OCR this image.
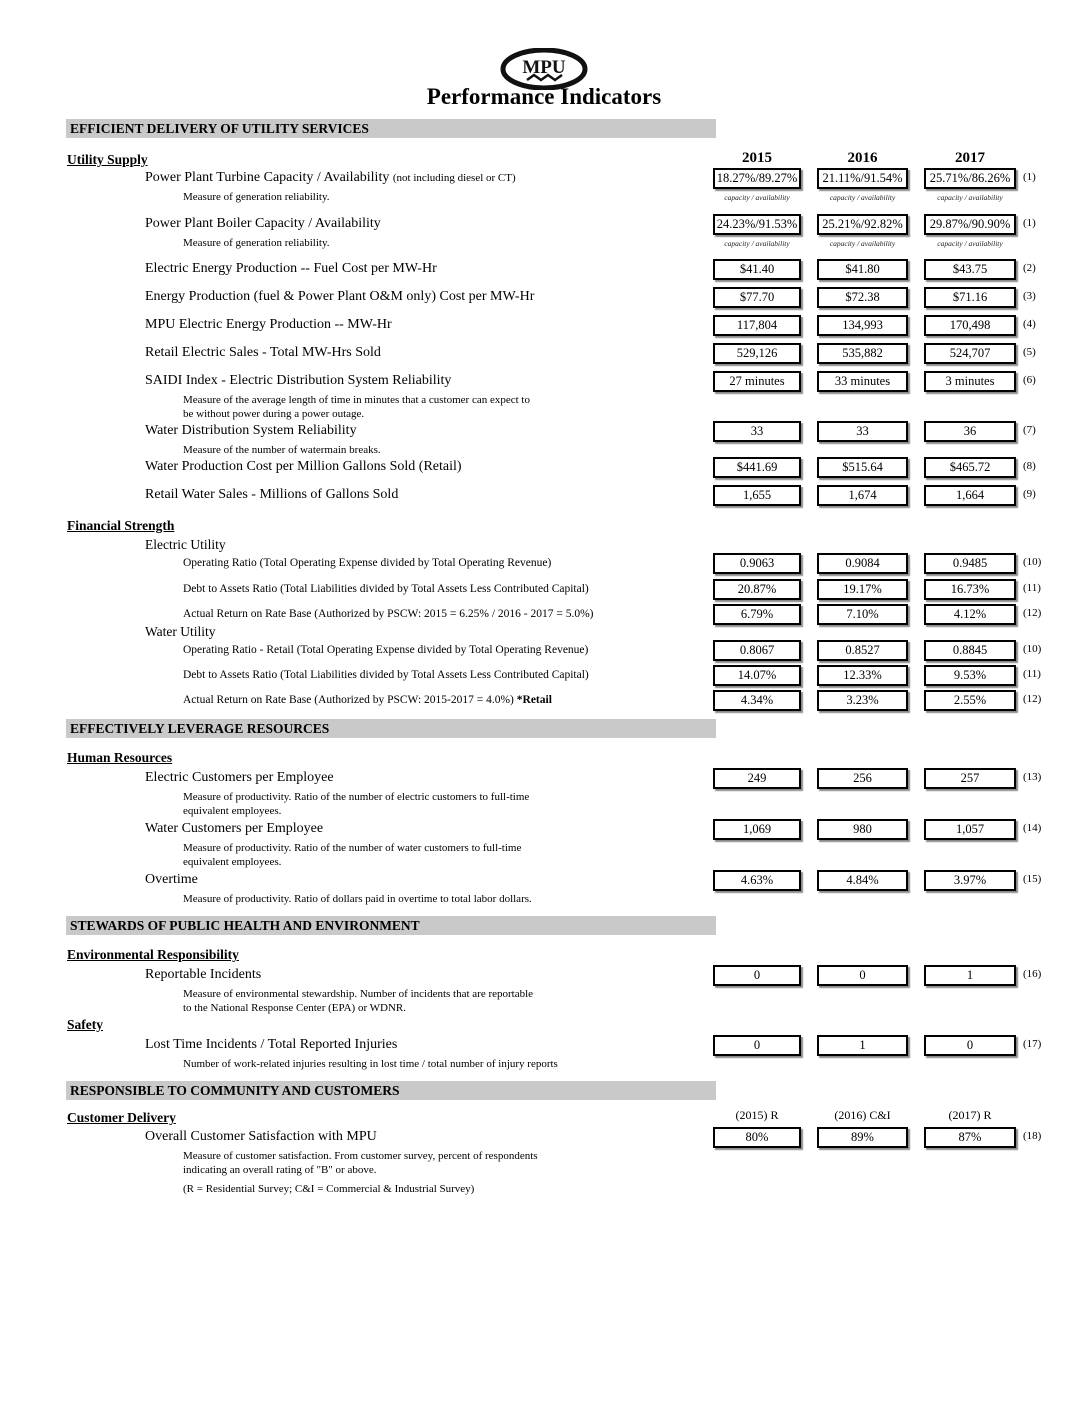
MPU
Performance Indicators
EFFICIENT DELIVERY OF UTILITY SERVICES
Utility Supply	2015	2016	2017
Power Plant Turbine Capacity / Availability (not including diesel or CT)
Measure of generation reliability.
18.27%/89.27%	21.11%/91.54%	25.71%/86.26%
capacity / availability	capacity / availability	capacity / availability
(1)
Power Plant Boiler Capacity / Availability
Measure of generation reliability.
24.23%/91.53%	25.21%/92.82%	29.87%/90.90%
capacity / availability	capacity / availability	capacity / availability
(1)
Electric Energy Production -- Fuel Cost per MW-Hr	$41.40	$41.80	$43.75	(2)
Energy Production (fuel & Power Plant O&M only) Cost per MW-Hr	$77.70	$72.38	$71.16	(3)
MPU Electric Energy Production -- MW-Hr	117,804	134,993	170,498	(4)
Retail Electric Sales - Total MW-Hrs Sold	529,126	535,882	524,707	(5)
SAIDI Index - Electric Distribution System Reliability
Measure of the average length of time in minutes that a customer can expect to
be without power during a power outage.
27 minutes	33 minutes	3 minutes	(6)
Water Distribution System Reliability
Measure of the number of watermain breaks.
33	33	36	(7)
Water Production Cost per Million Gallons Sold (Retail)	$441.69	$515.64	$465.72	(8)
Retail Water Sales - Millions of Gallons Sold	1,655	1,674	1,664	(9)
Financial Strength
Electric Utility
Operating Ratio (Total Operating Expense divided by Total Operating Revenue)	0.9063	0.9084	0.9485	(10)
Debt to Assets Ratio (Total Liabilities divided by Total Assets Less Contributed Capital)	20.87%	19.17%	16.73%	(11)
Actual Return on Rate Base (Authorized by PSCW: 2015 = 6.25% / 2016 - 2017 = 5.0%)	6.79%	7.10%	4.12%	(12)
Water Utility
Operating Ratio - Retail (Total Operating Expense divided by Total Operating Revenue)	0.8067	0.8527	0.8845	(10)
Debt to Assets Ratio (Total Liabilities divided by Total Assets Less Contributed Capital)	14.07%	12.33%	9.53%	(11)
Actual Return on Rate Base (Authorized by PSCW: 2015-2017 = 4.0%) *Retail	4.34%	3.23%	2.55%	(12)
EFFECTIVELY LEVERAGE RESOURCES
Human Resources
Electric Customers per Employee
Measure of productivity. Ratio of the number of electric customers to full-time
equivalent employees.
249	256	257	(13)
Water Customers per Employee
Measure of productivity. Ratio of the number of water customers to full-time
equivalent employees.
1,069	980	1,057	(14)
Overtime
Measure of productivity. Ratio of dollars paid in overtime to total labor dollars.
4.63%	4.84%	3.97%	(15)
STEWARDS OF PUBLIC HEALTH AND ENVIRONMENT
Environmental Responsibility
Reportable Incidents
Measure of environmental stewardship. Number of incidents that are reportable
to the National Response Center (EPA) or WDNR.
0	0	1	(16)
Safety
Lost Time Incidents / Total Reported Injuries
Number of work-related injuries resulting in lost time / total number of injury reports
0	1	0	(17)
RESPONSIBLE TO COMMUNITY AND CUSTOMERS
Customer Delivery	(2015) R	(2016) C&I	(2017) R
Overall Customer Satisfaction with MPU
Measure of customer satisfaction. From customer survey, percent of respondents
indicating an overall rating of "B" or above.
(R = Residential Survey; C&I = Commercial & Industrial Survey)
80%	89%	87%	(18)
